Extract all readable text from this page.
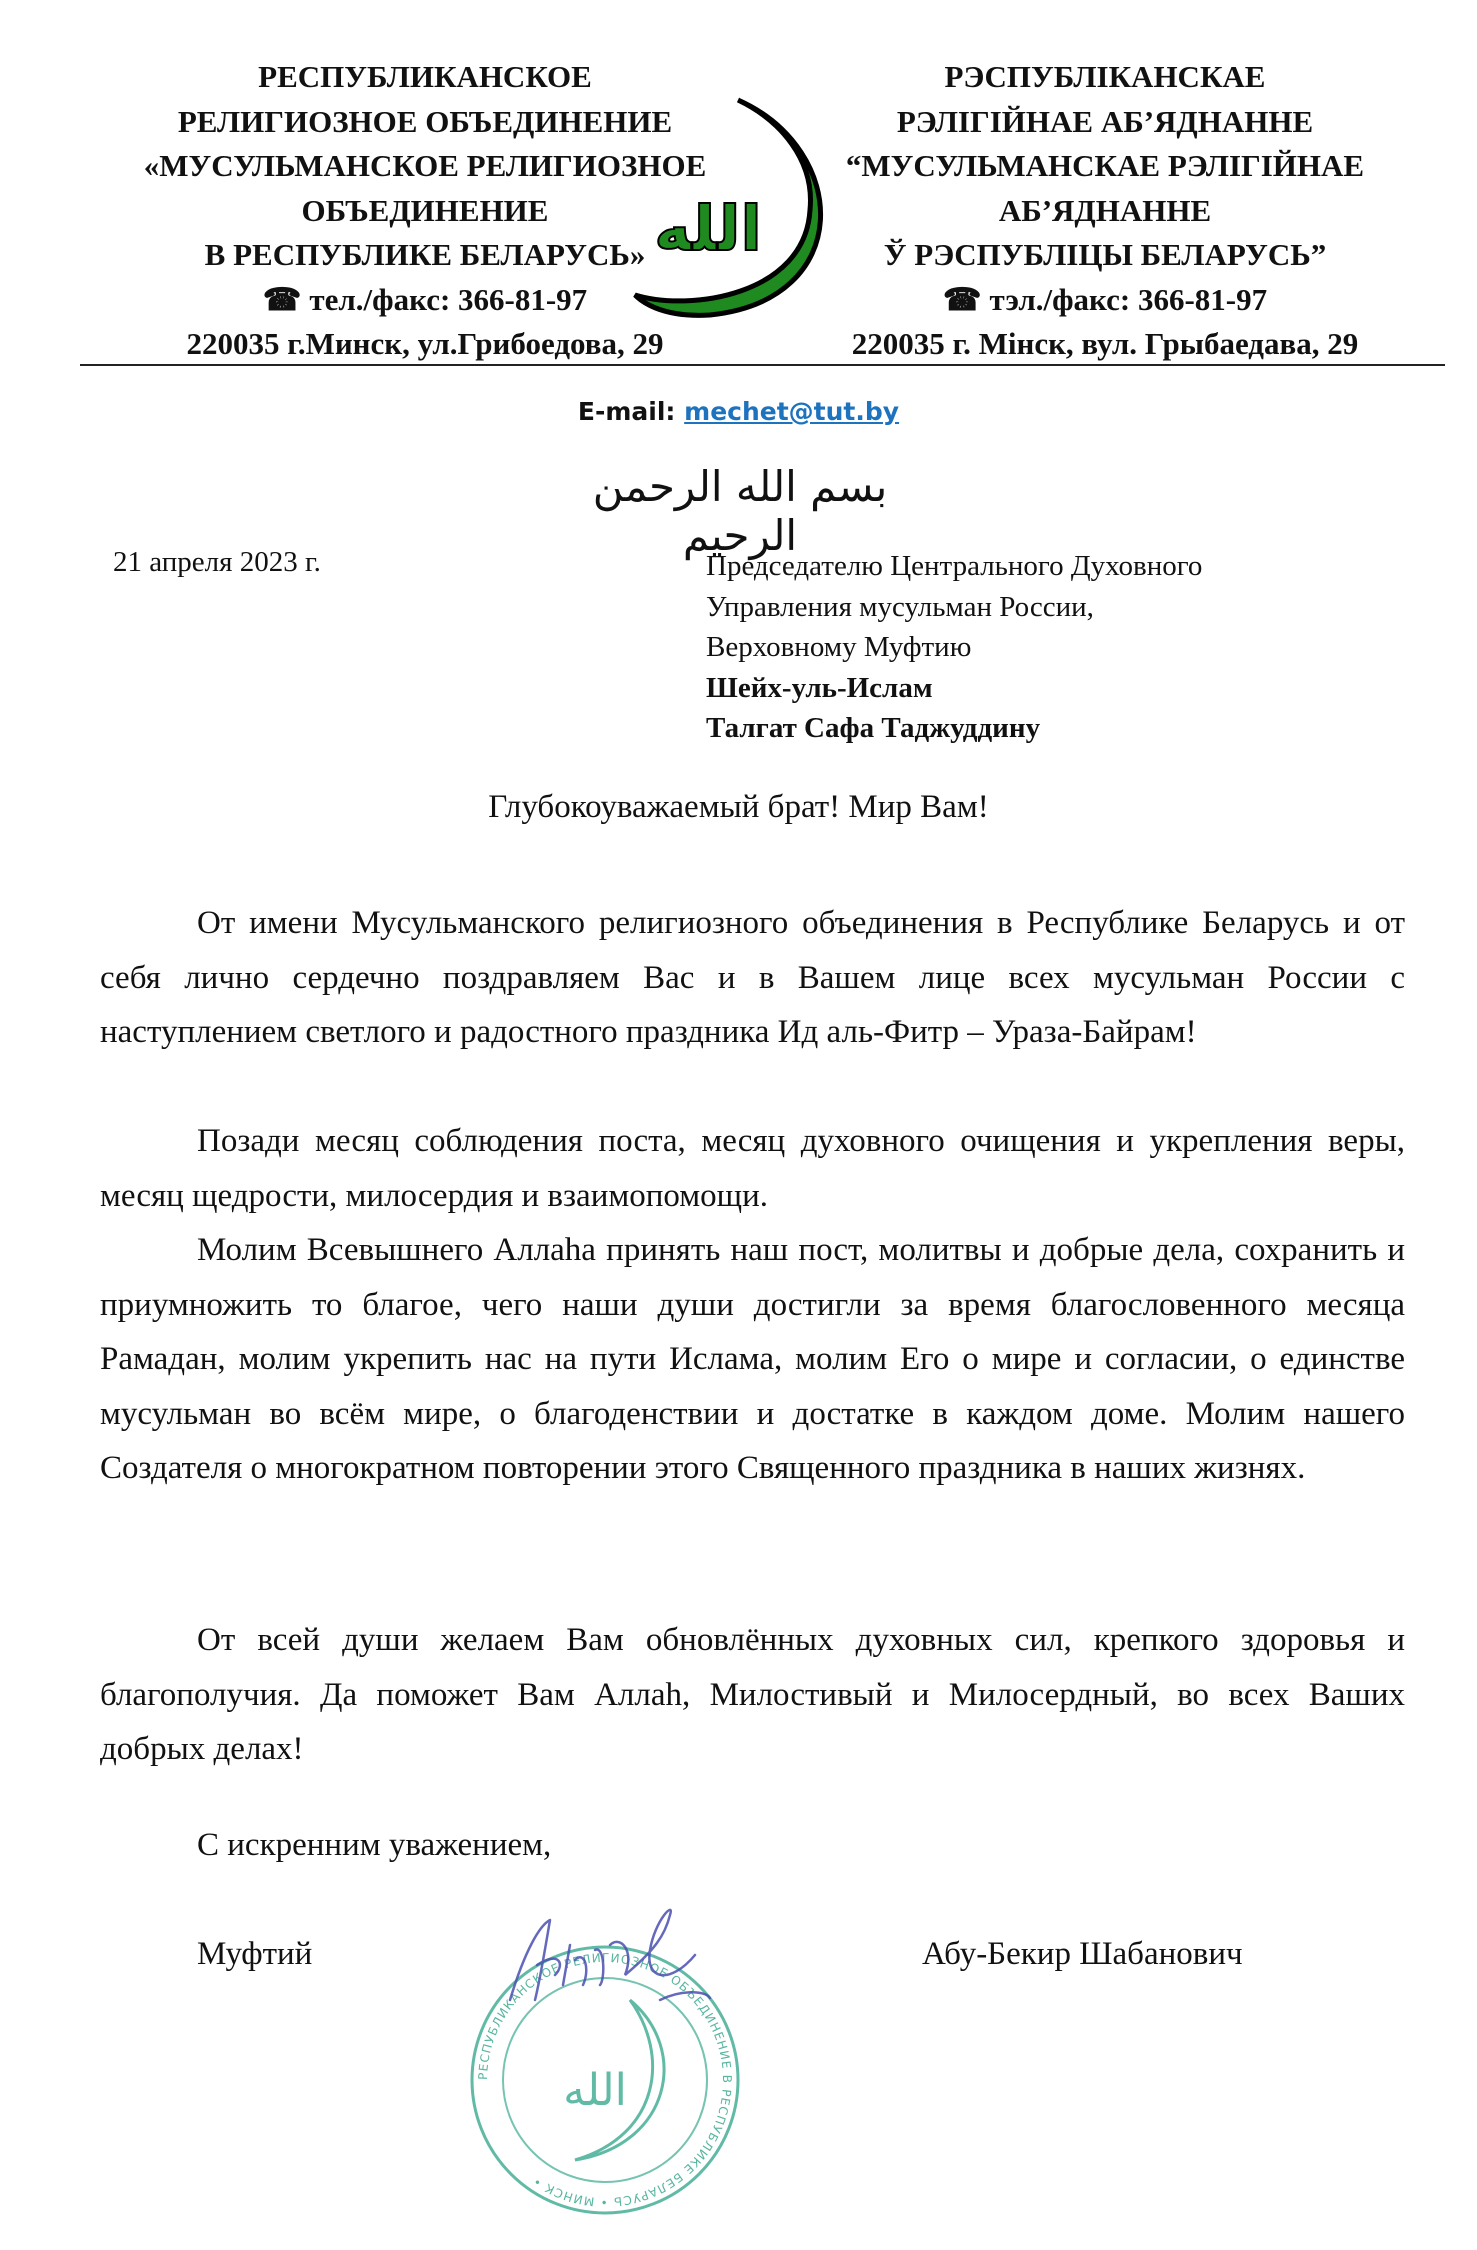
РЕСПУБЛИКАНСКОЕ
РЕЛИГИОЗНОЕ ОБЪЕДИНЕНИЕ
«МУСУЛЬМАНСКОЕ РЕЛИГИОЗНОЕ
ОБЪЕДИНЕНИЕ
В РЕСПУБЛИКЕ БЕЛАРУСЬ»
☎ тел./факс: 366-81-97
220035 г.Минск, ул.Грибоедова, 29
الله
РЭСПУБЛІКАНСКАЕ
РЭЛІГІЙНАЕ АБ’ЯДНАННЕ
“МУСУЛЬМАНСКАЕ РЭЛІГІЙНАЕ
АБ’ЯДНАННЕ
Ў РЭСПУБЛІЦЫ БЕЛАРУСЬ”
☎ тэл./факс: 366-81-97
220035 г. Мінск, вул. Грыбаедава, 29
E-mail: mechet@tut.by
بسم الله الرحمن الرحيم
21 апреля 2023 г.	Председателю Центрального Духовного
Управления мусульман России,
Верховному Муфтию
Шейх-уль-Ислам
Талгат Сафа Таджуддину
Глубокоуважаемый брат! Мир Вам!

От имени Мусульманского религиозного объединения в Республике Беларусь и от себя лично сердечно поздравляем Вас и в Вашем лице всех мусульман России с наступлением светлого и радостного праздника Ид аль-Фитр – Ураза-Байрам!

Позади месяц соблюдения поста, месяц духовного очищения и укрепления веры, месяц щедрости, милосердия и взаимопомощи.

Молим Всевышнего Аллаhа принять наш пост, молитвы и добрые дела, сохранить и приумножить то благое, чего наши души достигли за время благословенного месяца Рамадан, молим укрепить нас на пути Ислама, молим Его о мире и согласии, о единстве мусульман во всём мире, о благоденствии и достатке в каждом доме. Молим нашего Создателя о многократном повторении этого Священного праздника в наших жизнях.

От всей души желаем Вам обновлённых духовных сил, крепкого здоровья и благополучия. Да поможет Вам Аллаh, Милостивый и Милосердный, во всех Ваших добрых делах!

С искренним уважением,
Муфтий	Абу-Бекир Шабанович
РЕСПУБЛИКАНСКОЕ РЕЛИГИОЗНОЕ ОБЪЕДИНЕНИЕ В РЕСПУБЛИКЕ БЕЛАРУСЬ • МИНСК •
الله
